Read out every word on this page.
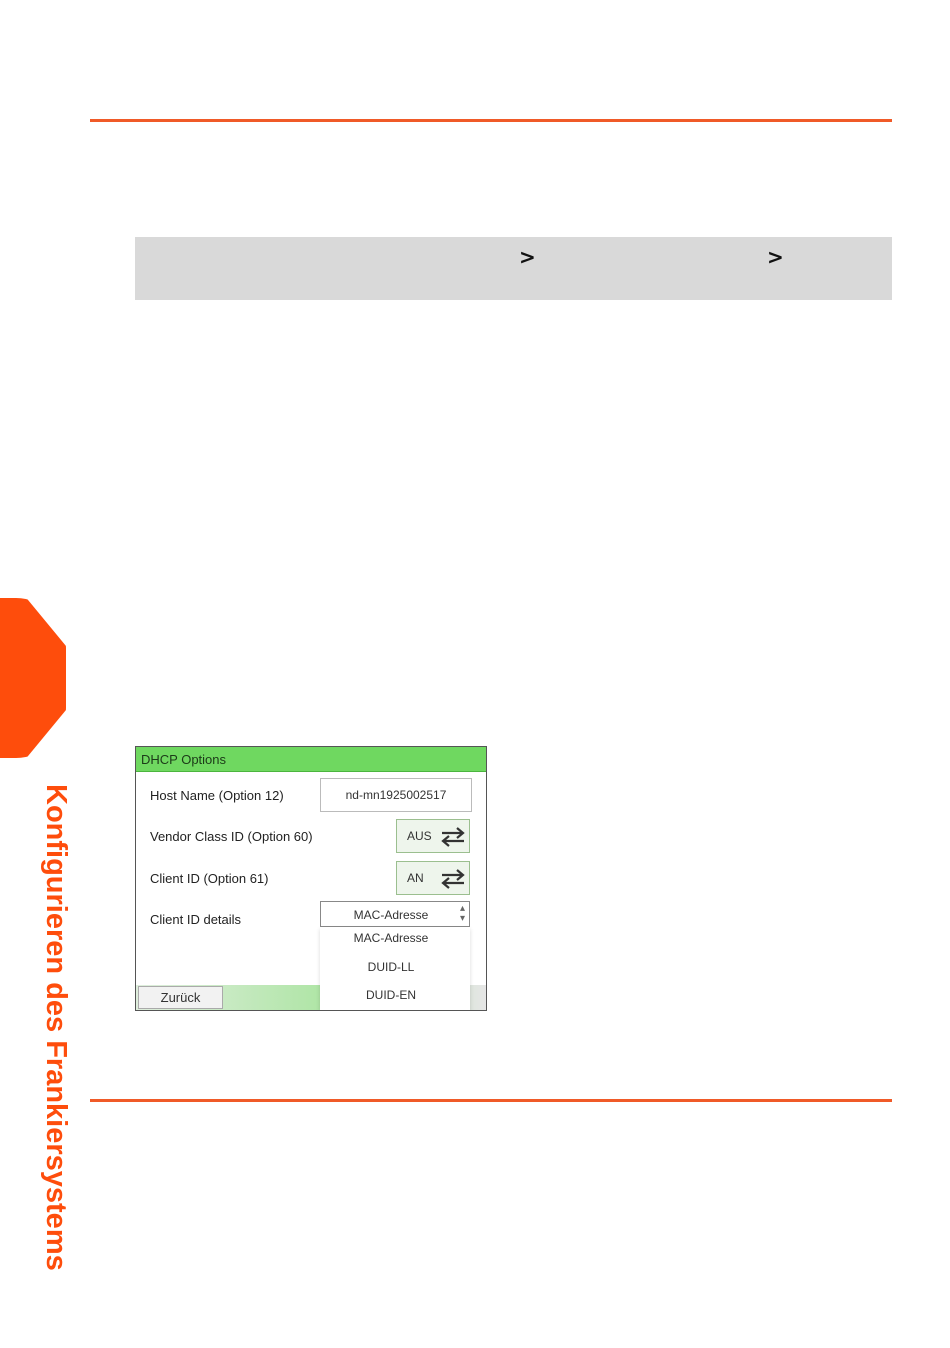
>	>
Konfigurieren des Frankiersystems
DHCP Options
Host Name (Option 12)	nd-mn1925002517
Vendor Class ID (Option 60)	AUS
Client ID (Option 61)	AN
Client ID details	MAC-Adresse	▴
▾
Zurück
MAC-Adresse
DUID-LL
DUID-EN
